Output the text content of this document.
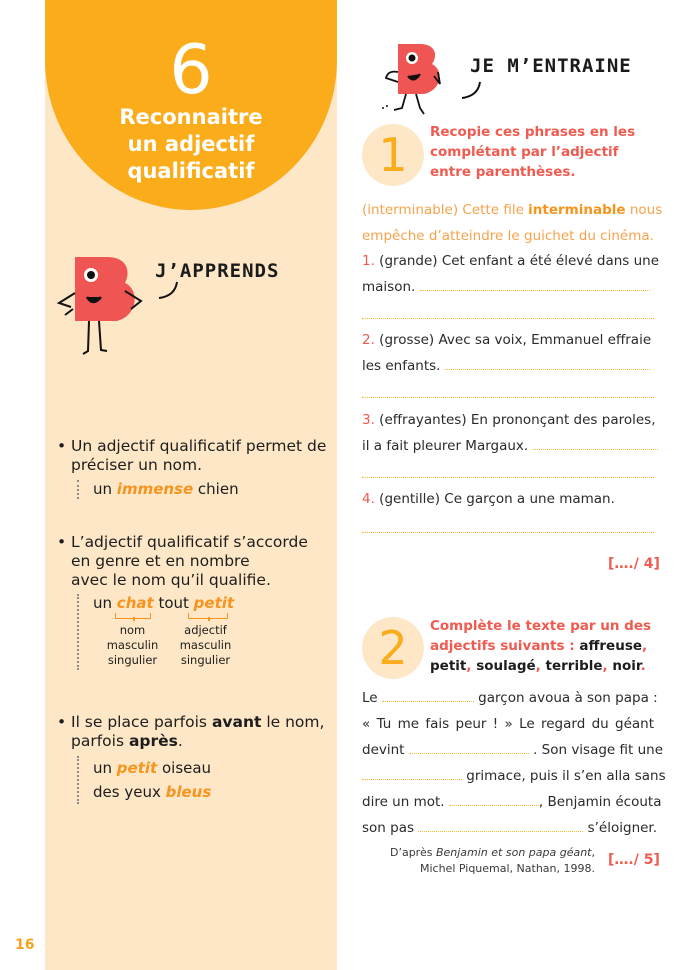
6
Reconnaitre
un adjectif
qualificatif
J’APPRENDS
• Un adjectif qualificatif permet de
préciser un nom.
un immense chien
• L’adjectif qualificatif s’accorde
en genre et en nombre
avec le nom qu’il qualifie.
un chat tout petit
nom
masculin
singulier
adjectif
masculin
singulier
• Il se place parfois avant le nom,
parfois après.
un petit oiseau
des yeux bleus
16
JE M’ENTRAINE
1	Recopie ces phrases en les
complétant par l’adjectif
entre parenthèses.
(interminable) Cette file interminable nous
empêche d’atteindre le guichet du cinéma.
1. (grande) Cet enfant a été élevé dans une
maison.
2. (grosse) Avec sa voix, Emmanuel effraie
les enfants.
3. (effrayantes) En prononçant des paroles,
il a fait pleurer Margaux.
4. (gentille) Ce garçon a une maman.
[…./ 4]
2	Complète le texte par un des
adjectifs suivants : affreuse,
petit, soulagé, terrible, noir.
Le	garçon avoua à son papa :
« Tu me fais peur ! » Le regard du géant
devint	. Son visage fit une
grimace, puis il s’en alla sans
dire un mot.	, Benjamin écouta
son pas	s’éloigner.
D’après Benjamin et son papa géant,
Michel Piquemal, Nathan, 1998.
[…./ 5]
